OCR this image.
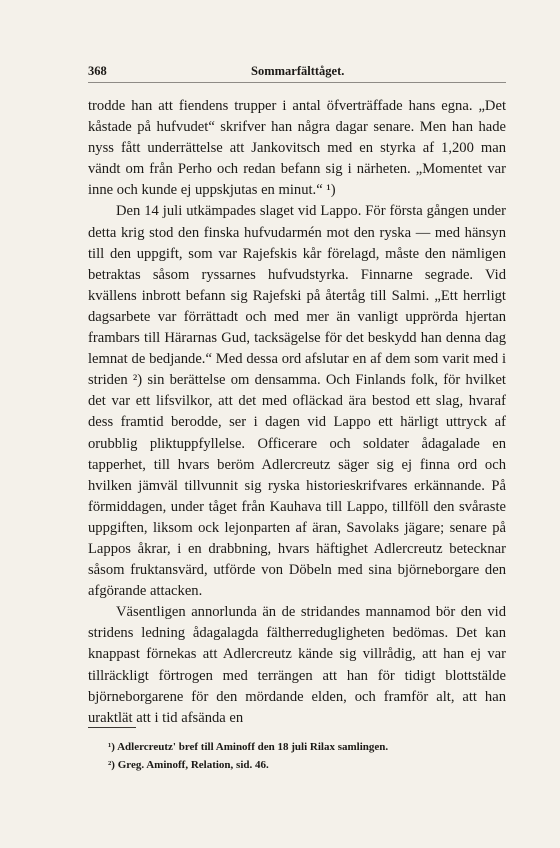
368	Sommarfälttåget.

trodde han att fiendens trupper i antal öfverträffade hans egna. „Det kåstade på hufvudet“ skrifver han några dagar senare. Men han hade nyss fått underrättelse att Jankovitsch med en styrka af 1,200 man vändt om från Perho och redan befann sig i närheten. „Momentet var inne och kunde ej uppskjutas en minut.“ ¹)

Den 14 juli utkämpades slaget vid Lappo. För första gången under detta krig stod den finska hufvudarmén mot den ryska — med hänsyn till den uppgift, som var Rajefskis kår förelagd, måste den nämligen betraktas såsom ryssarnes hufvudstyrka. Finnarne segrade. Vid kvällens inbrott befann sig Rajefski på återtåg till Salmi. „Ett herrligt dagsarbete var förrättadt och med mer än vanligt upprörda hjertan frambars till Härarnas Gud, tacksägelse för det beskydd han denna dag lemnat de bedjande.“ Med dessa ord afslutar en af dem som varit med i striden ²) sin berättelse om densamma. Och Finlands folk, för hvilket det var ett lifsvilkor, att det med ofläckad ära bestod ett slag, hvaraf dess framtid berodde, ser i dagen vid Lappo ett härligt uttryck af orubblig pliktuppfyllelse. Officerare och soldater ådagalade en tapperhet, till hvars beröm Adlercreutz säger sig ej finna ord och hvilken jämväl tillvunnit sig ryska historieskrifvares erkännande. På förmiddagen, under tåget från Kauhava till Lappo, tillföll den svåraste uppgiften, liksom ock lejonparten af äran, Savolaks jägare; senare på Lappos åkrar, i en drabbning, hvars häftighet Adlercreutz betecknar såsom fruktansvärd, utförde von Döbeln med sina björneborgare den afgörande attacken.

Väsentligen annorlunda än de stridandes mannamod bör den vid stridens ledning ådagalagda fältherredugligheten bedömas. Det kan knappast förnekas att Adlercreutz kände sig villrådig, att han ej var tillräckligt förtrogen med terrängen att han för tidigt blottstälde björneborgarene för den mördande elden, och framför alt, att han uraktlät att i tid afsända en

¹) Adlercreutz' bref till Aminoff den 18 juli Rilax samlingen.
²) Greg. Aminoff, Relation, sid. 46.
